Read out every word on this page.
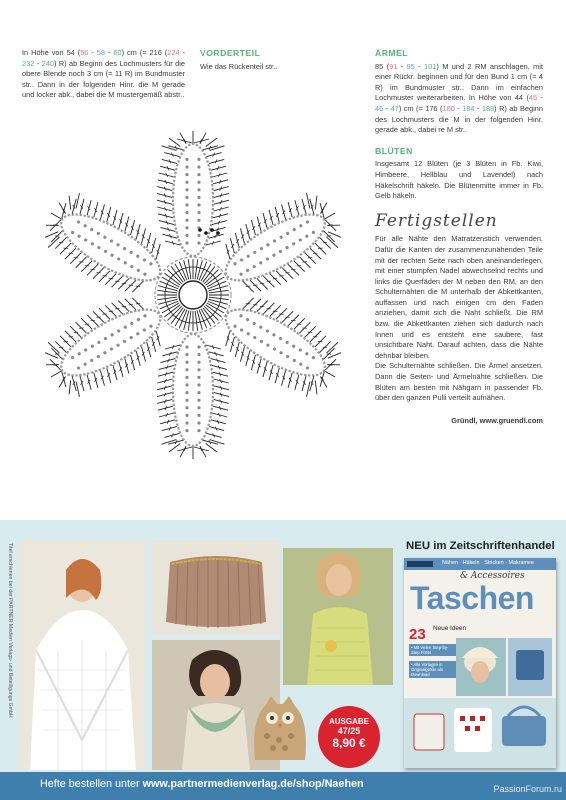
In Höhe von 54 (56 - 58 - 60) cm (= 216 (224 - 232 - 240) R) ab Beginn des Lochmusters für die obere Blende noch 3 cm (= 11 R) im Bundmuster str.. Dann in der folgenden Hinr. die M gerade und locker abk., dabei die M mustergemäß abstr..

VORDERTEIL

Wie das Rückenteil str..

ÄRMEL

85 (91 - 95 - 101) M und 2 RM anschlagen, mit einer Rückr. beginnen und für den Bund 1 cm (= 4 R) im Bundmuster str.. Dann im einfachen Lochmuster weiterarbeiten. In Höhe von 44 (45 - 46 - 47) cm (= 176 (180 - 184 - 188) R) ab Beginn des Lochmusters die M in der folgenden Hinr. gerade abk., dabei re M str..

BLÜTEN

Insgesamt 12 Blüten (je 3 Blüten in Fb. Kiwi, Himbeere, Hellblau und Lavendel) nach Häkelschrift häkeln. Die Blütenmitte immer in Fb. Gelb häkeln.

Fertigstellen

Für alle Nähte den Matratzenstich verwenden. Dafür die Kanten der zusammenzunähenden Teile mit der rechten Seite nach oben aneinanderlegen, mit einer stumpfen Nadel abwechselnd rechts und links die Querfäden der M neben den RM, an den Schulternähten die M unterhalb der Abkettkanten, auffassen und nach einigen cm den Faden anziehen, damit sich die Naht schließt. Die RM bzw. die Abkettkanten ziehen sich dadurch nach Innen und es entsteht eine saubere, fast unsichtbare Naht. Darauf achten, dass die Nähte dehnbar bleiben.

Die Schulternähte schließen. Die Ärmel ansetzen. Dann die Seiten- und Ärmelnähte schließen. Die Blüten am besten mit Nähgarn in passender Fb. über den ganzen Pulli verteilt aufnähen.

Gründl, www.gruendl.com

Titel erschienen bei der PARTNER Medien Verlags- und Beteiligungs GmbH
AUSGABE
47/25
8,90 €
NEU im Zeitschriftenhandel
Nähen · Häkeln · Stricken · Makramee
& Accessoires
Taschen
23 Neue Ideen
• Mit vielen Step-by-Step Fotos
• Alle Vorlagen in Originalgröße als Download
Hefte bestellen unter www.partnermedienverlag.de/shop/Naehen	PassionForum.ru
